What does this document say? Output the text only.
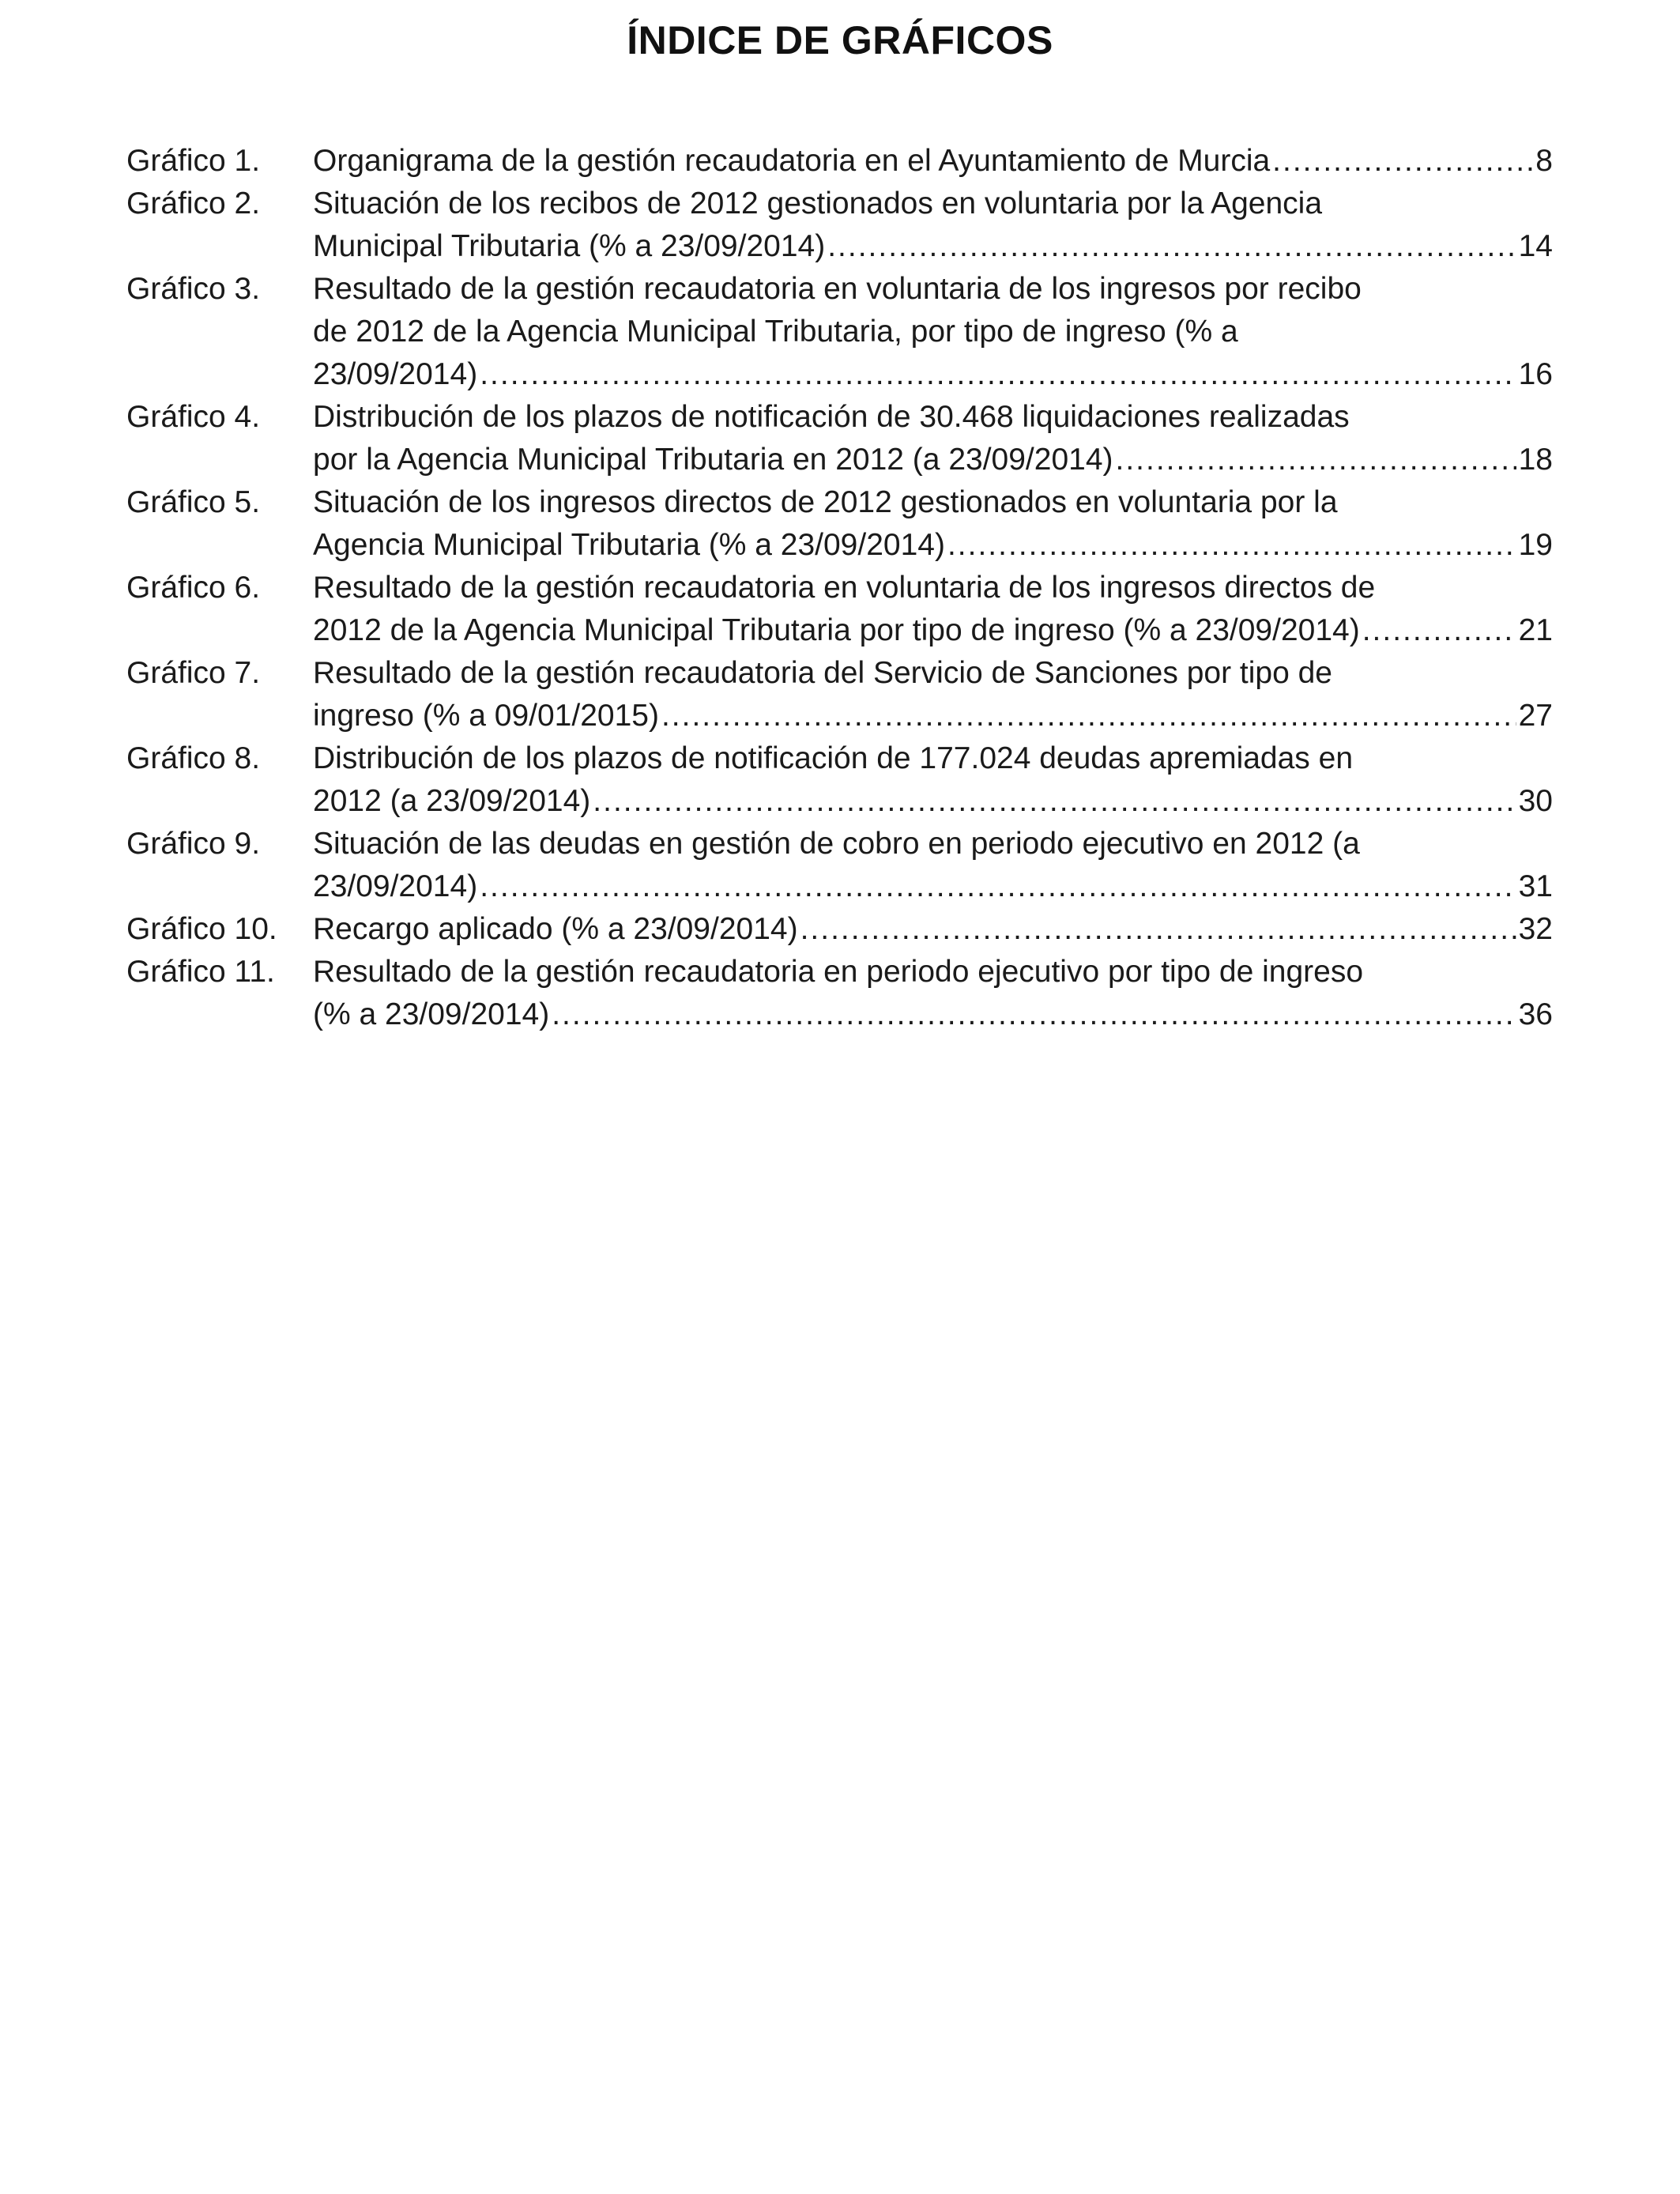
ÍNDICE DE GRÁFICOS
Gráfico 1.	Organigrama de la gestión recaudatoria en el Ayuntamiento de Murcia .....	8
Gráfico 2.	Situación de los recibos de 2012 gestionados en voluntaria por la Agencia
Municipal Tributaria (% a 23/09/2014) .....	14
Gráfico 3.	Resultado de la gestión recaudatoria en voluntaria de los ingresos por recibo
de 2012 de la Agencia Municipal Tributaria, por tipo de ingreso (% a
23/09/2014) .....	16
Gráfico 4.	Distribución de los plazos de notificación de 30.468 liquidaciones realizadas
por la Agencia Municipal Tributaria en 2012 (a 23/09/2014) .....	18
Gráfico 5.	Situación de los ingresos directos de 2012 gestionados en voluntaria por la
Agencia Municipal Tributaria (% a 23/09/2014) .....	19
Gráfico 6.	Resultado de la gestión recaudatoria en voluntaria de los ingresos directos de
2012 de la Agencia Municipal Tributaria por tipo de ingreso (% a 23/09/2014) .....	21
Gráfico 7.	Resultado de la gestión recaudatoria del Servicio de Sanciones por tipo de
ingreso (% a 09/01/2015) .....	27
Gráfico 8.	Distribución de los plazos de notificación de 177.024 deudas apremiadas en
2012 (a 23/09/2014) .....	30
Gráfico 9.	Situación de las deudas en gestión de cobro en periodo ejecutivo en 2012 (a
23/09/2014) .....	31
Gráfico 10.	Recargo aplicado (% a 23/09/2014) .....	32
Gráfico 11.	Resultado de la gestión recaudatoria en periodo ejecutivo por tipo de ingreso
(% a 23/09/2014) .....	36
